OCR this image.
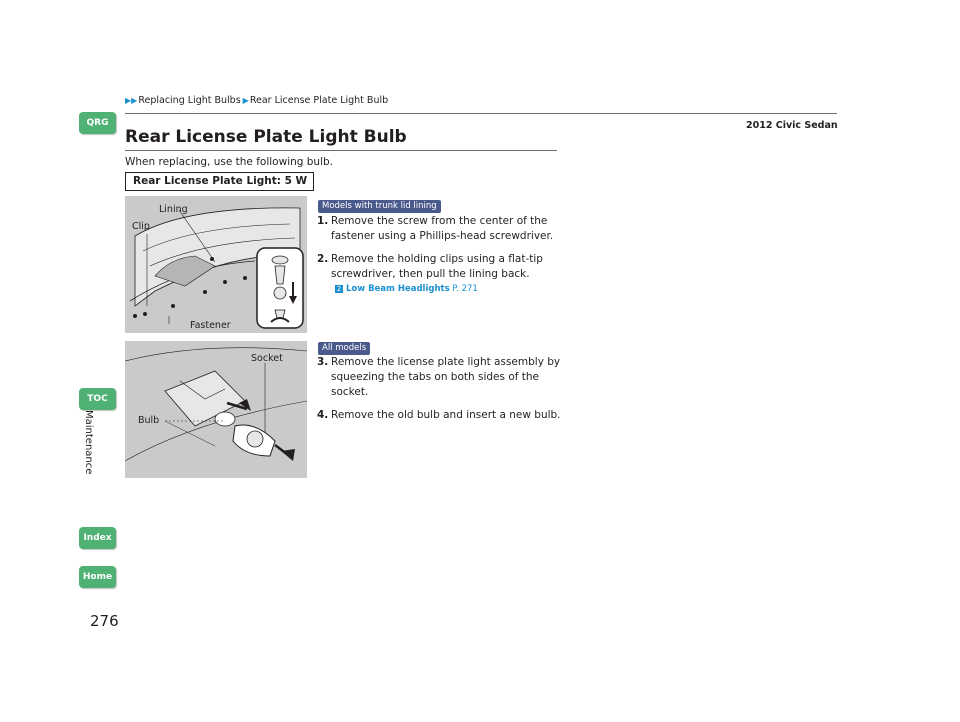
▶▶ Replacing Light Bulbs ▶ Rear License Plate Light Bulb
2012 Civic Sedan
QRG
TOC
Maintenance
Index
Home
Rear License Plate Light Bulb
When replacing, use the following bulb.
Rear License Plate Light: 5 W
Lining
Clip
Fastener
Models with trunk lid lining
1. Remove the screw from the center of the fastener using a Phillips-head screwdriver.
2. Remove the holding clips using a flat-tip screwdriver, then pull the lining back.
2 Low Beam Headlights P. 271
Socket
Bulb
All models
3. Remove the license plate light assembly by squeezing the tabs on both sides of the socket.
4. Remove the old bulb and insert a new bulb.
276
